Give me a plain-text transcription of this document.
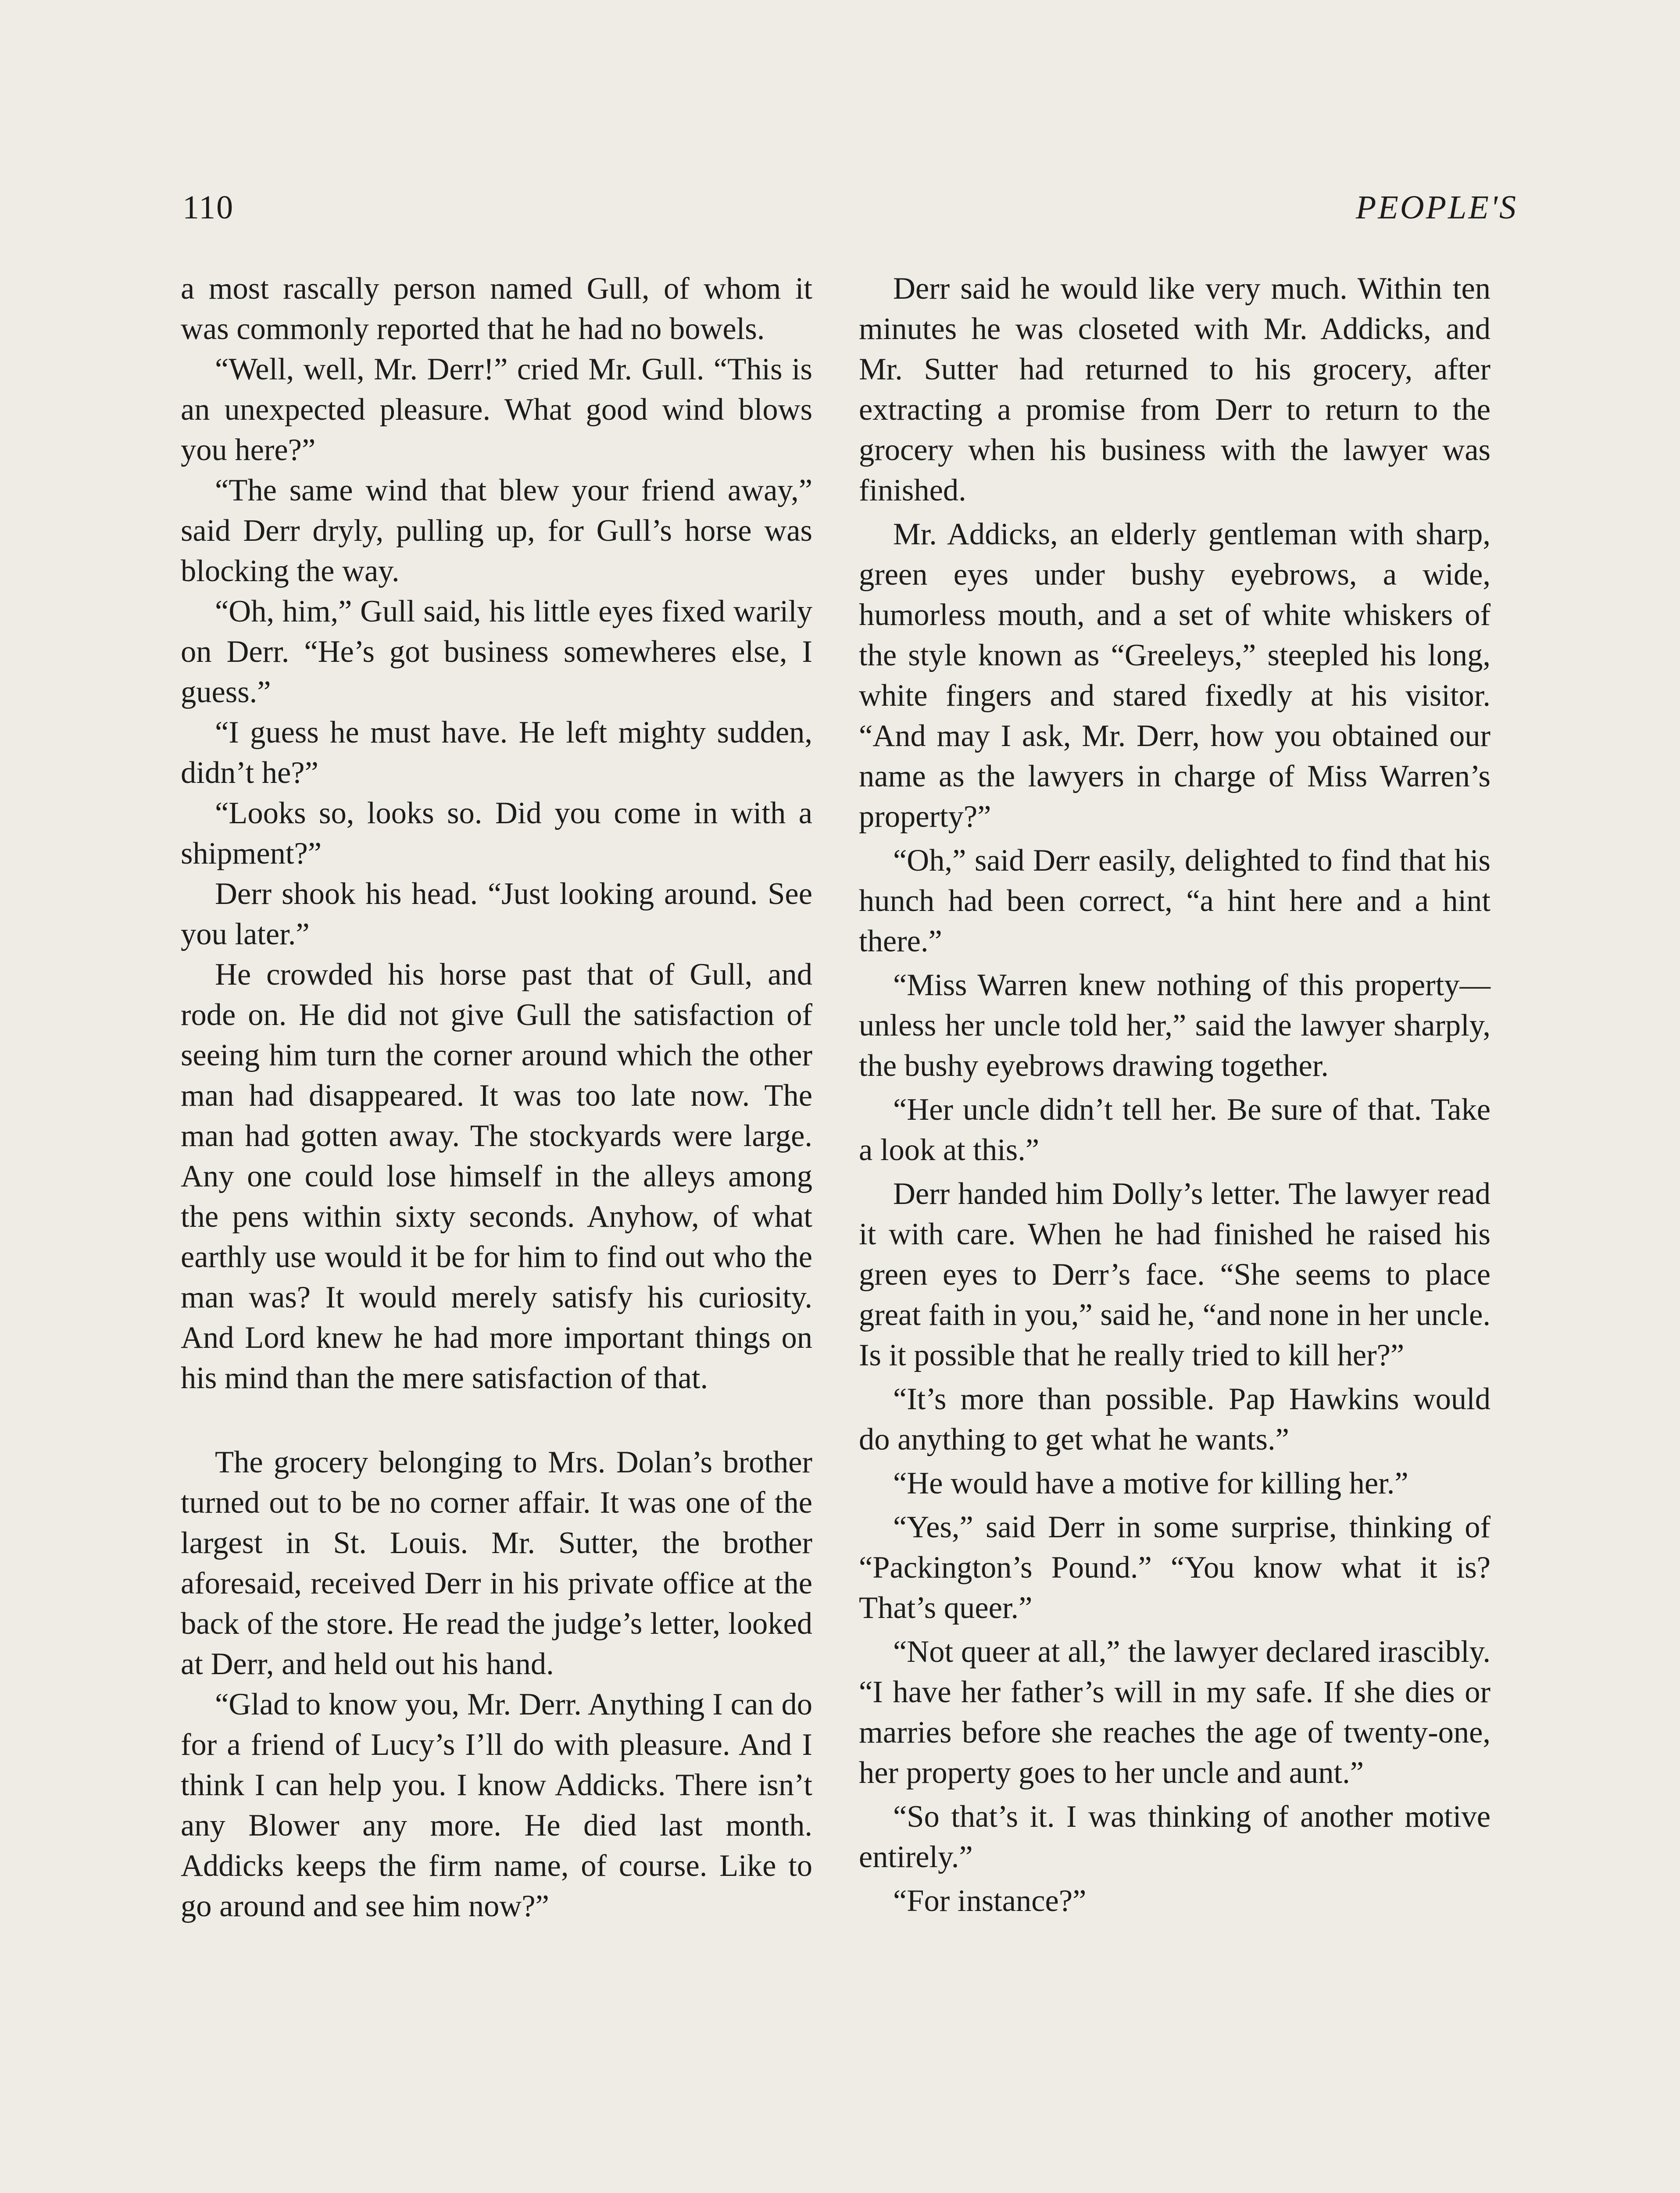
110	PEOPLE'S

a most rascally person named Gull, of whom it was commonly reported that he had no bowels.

“Well, well, Mr. Derr!” cried Mr. Gull. “This is an unexpected pleasure. What good wind blows you here?”

“The same wind that blew your friend away,” said Derr dryly, pulling up, for Gull’s horse was blocking the way.

“Oh, him,” Gull said, his little eyes fixed warily on Derr. “He’s got business somewheres else, I guess.”

“I guess he must have. He left mighty sudden, didn’t he?”

“Looks so, looks so. Did you come in with a shipment?”

Derr shook his head. “Just looking around. See you later.”

He crowded his horse past that of Gull, and rode on. He did not give Gull the satisfaction of seeing him turn the corner around which the other man had disappeared. It was too late now. The man had gotten away. The stockyards were large. Any one could lose himself in the alleys among the pens within sixty seconds. Anyhow, of what earthly use would it be for him to find out who the man was? It would merely satisfy his curiosity. And Lord knew he had more important things on his mind than the mere satisfaction of that.

The grocery belonging to Mrs. Dolan’s brother turned out to be no corner affair. It was one of the largest in St. Louis. Mr. Sutter, the brother aforesaid, received Derr in his private office at the back of the store. He read the judge’s letter, looked at Derr, and held out his hand.

“Glad to know you, Mr. Derr. Anything I can do for a friend of Lucy’s I’ll do with pleasure. And I think I can help you. I know Addicks. There isn’t any Blower any more. He died last month. Addicks keeps the firm name, of course. Like to go around and see him now?”

Derr said he would like very much. Within ten minutes he was closeted with Mr. Addicks, and Mr. Sutter had returned to his grocery, after extracting a promise from Derr to return to the grocery when his business with the lawyer was finished.

Mr. Addicks, an elderly gentleman with sharp, green eyes under bushy eyebrows, a wide, humorless mouth, and a set of white whiskers of the style known as “Greeleys,” steepled his long, white fingers and stared fixedly at his visitor. “And may I ask, Mr. Derr, how you obtained our name as the lawyers in charge of Miss Warren’s property?”

“Oh,” said Derr easily, delighted to find that his hunch had been correct, “a hint here and a hint there.”

“Miss Warren knew nothing of this property—unless her uncle told her,” said the lawyer sharply, the bushy eyebrows drawing together.

“Her uncle didn’t tell her. Be sure of that. Take a look at this.”

Derr handed him Dolly’s letter. The lawyer read it with care. When he had finished he raised his green eyes to Derr’s face. “She seems to place great faith in you,” said he, “and none in her uncle. Is it possible that he really tried to kill her?”

“It’s more than possible. Pap Hawkins would do anything to get what he wants.”

“He would have a motive for killing her.”

“Yes,” said Derr in some surprise, thinking of “Packington’s Pound.” “You know what it is? That’s queer.”

“Not queer at all,” the lawyer declared irascibly. “I have her father’s will in my safe. If she dies or marries before she reaches the age of twenty-one, her property goes to her uncle and aunt.”

“So that’s it. I was thinking of another motive entirely.”

“For instance?”
